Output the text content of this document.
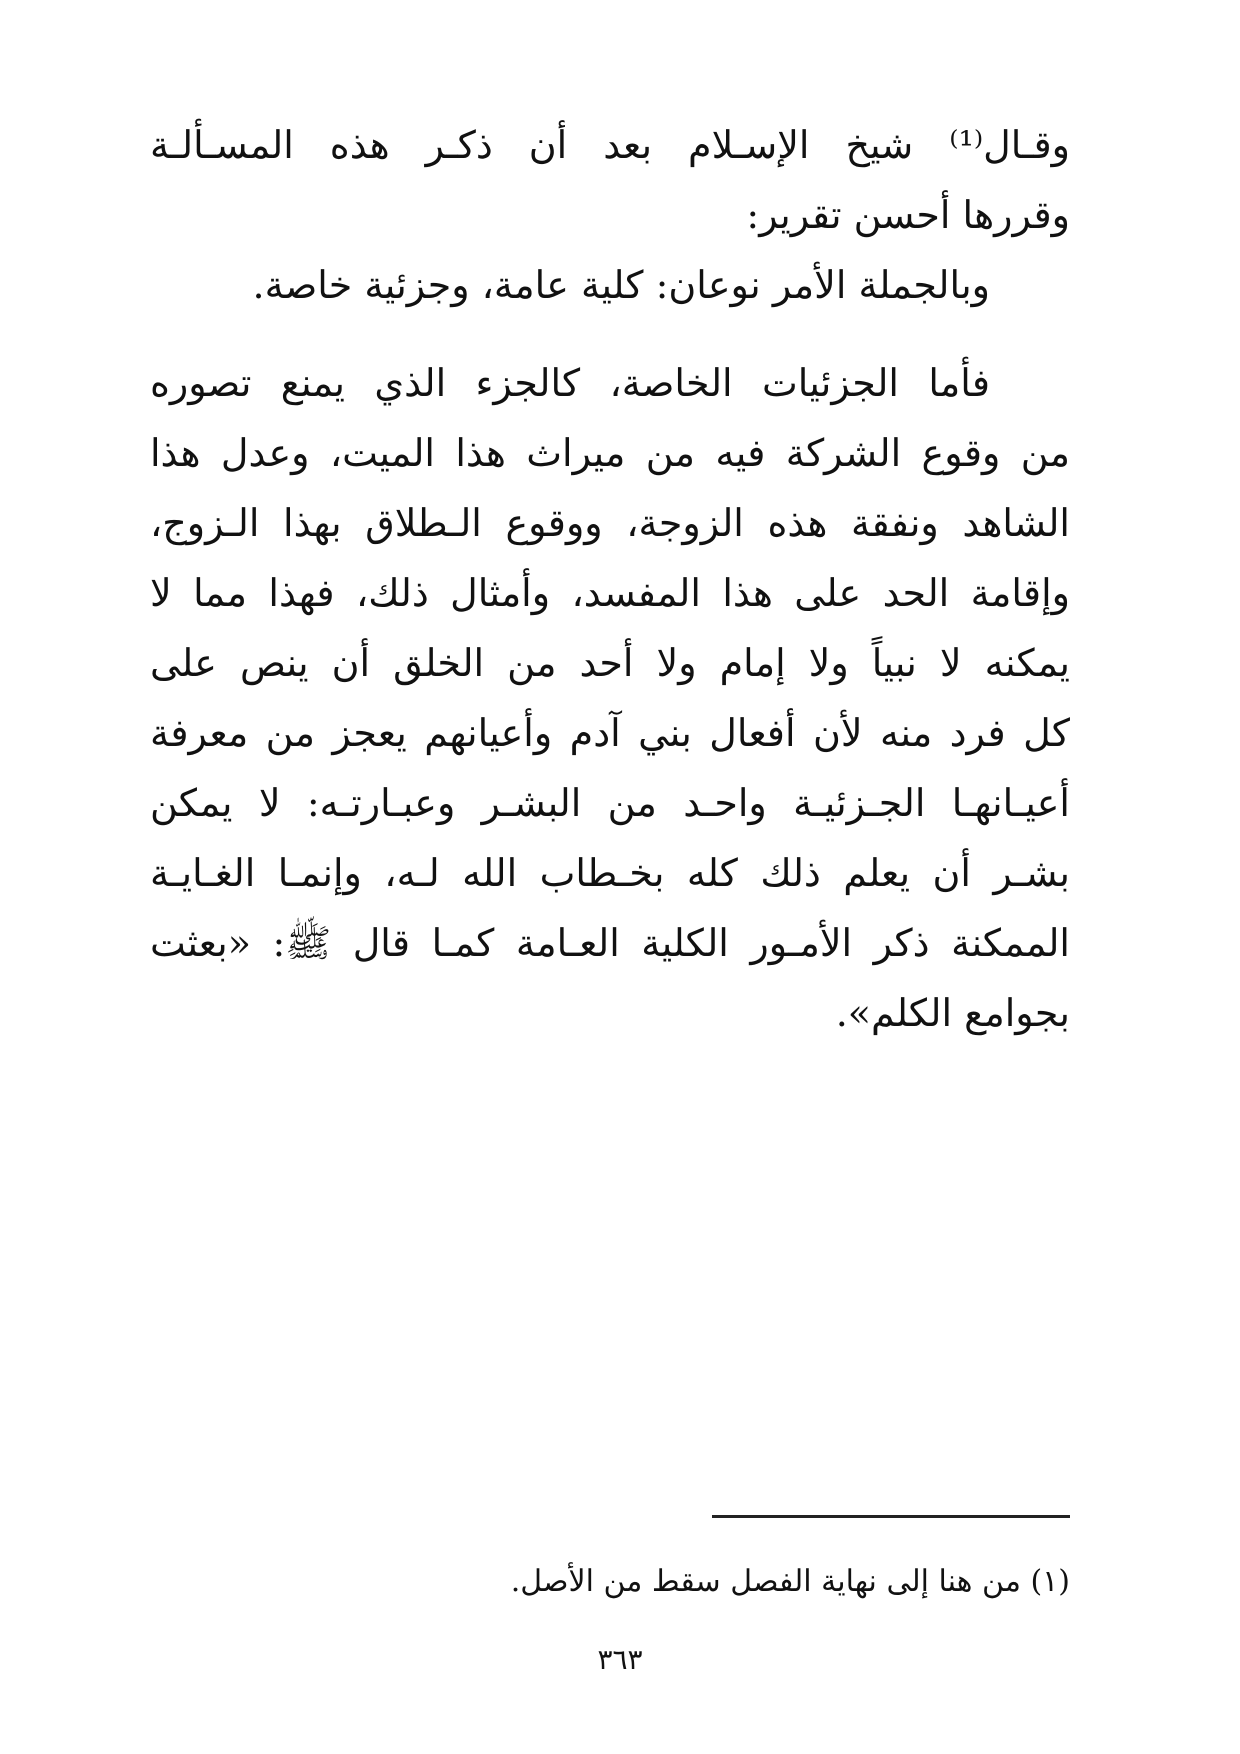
وقـال⁽¹⁾ شيخ الإسـلام بعد أن ذكـر هذه المسـألـة
وقررها أحسن تقرير:
وبالجملة الأمر نوعان: كلية عامة، وجزئية خاصة.
فأما الجزئيات الخاصة، كالجزء الذي يمنع تصوره
من وقوع الشركة فيه من ميراث هذا الميت، وعدل هذا
الشاهد ونفقة هذه الزوجة، ووقوع الـطلاق بهذا الـزوج،
وإقامة الحد على هذا المفسد، وأمثال ذلك، فهذا مما لا
يمكنه لا نبياً ولا إمام ولا أحد من الخلق أن ينص على
كل فرد منه لأن أفعال بني آدم وأعيانهم يعجز من معرفة
أعيـانهـا الجـزئيـة واحـد من البشـر وعبـارتـه: لا يمكن
بشـر أن يعلم ذلك كله بخـطاب الله لـه، وإنمـا الغـايـة
الممكنة ذكر الأمـور الكلية العـامة كمـا قال ﷺ: «بعثت
بجوامع الكلم».
(١) من هنا إلى نهاية الفصل سقط من الأصل.
٣٦٣
